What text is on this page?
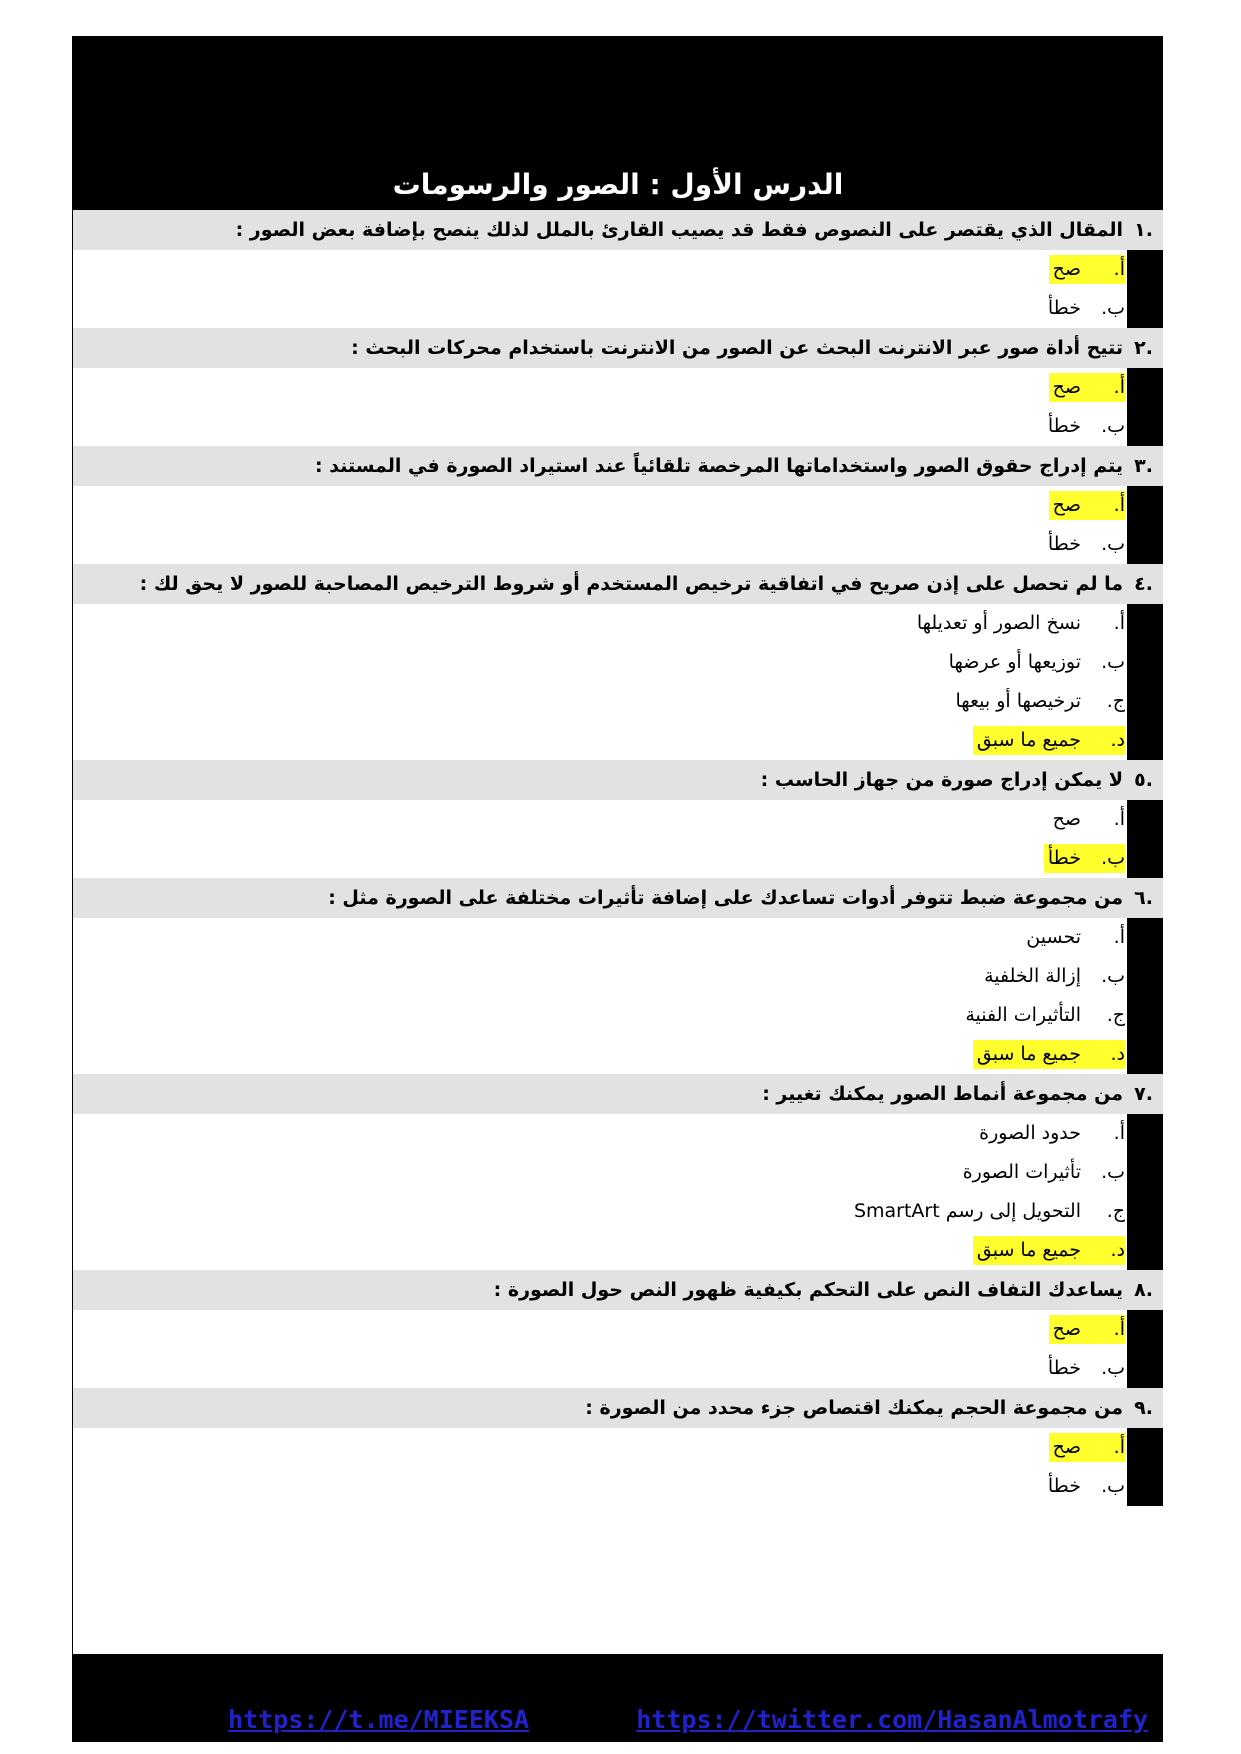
الدرس الأول : الصور والرسومات
.١
المقال الذي يقتصر على النصوص فقط قد يصيب القارئ بالملل لذلك ينصح بإضافة بعض الصور :
أ.صح
ب.خطأ
.٢
تتيح أداة صور عبر الانترنت البحث عن الصور من الانترنت باستخدام محركات البحث :
أ.صح
ب.خطأ
.٣
يتم إدراج حقوق الصور واستخداماتها المرخصة تلقائياً عند استيراد الصورة في المستند :
أ.صح
ب.خطأ
.٤
ما لم تحصل على إذن صريح في اتفاقية ترخيص المستخدم أو شروط الترخيص المصاحبة للصور لا يحق لك :
أ.نسخ الصور أو تعديلها
ب.توزيعها أو عرضها
ج.ترخيصها أو بيعها
د.جميع ما سبق
.٥
لا يمكن إدراج صورة من جهاز الحاسب :
أ.صح
ب.خطأ
.٦
من مجموعة ضبط تتوفر أدوات تساعدك على إضافة تأثيرات مختلفة على الصورة مثل :
أ.تحسين
ب.إزالة الخلفية
ج.التأثيرات الفنية
د.جميع ما سبق
.٧
من مجموعة أنماط الصور يمكنك تغيير :
أ.حدود الصورة
ب.تأثيرات الصورة
ج.التحويل إلى رسم SmartArt
د.جميع ما سبق
.٨
يساعدك التفاف النص على التحكم بكيفية ظهور النص حول الصورة :
أ.صح
ب.خطأ
.٩
من مجموعة الحجم يمكنك اقتصاص جزء محدد من الصورة :
أ.صح
ب.خطأ
https://t.me/MIEEKSA	https://twitter.com/HasanAlmotrafy
